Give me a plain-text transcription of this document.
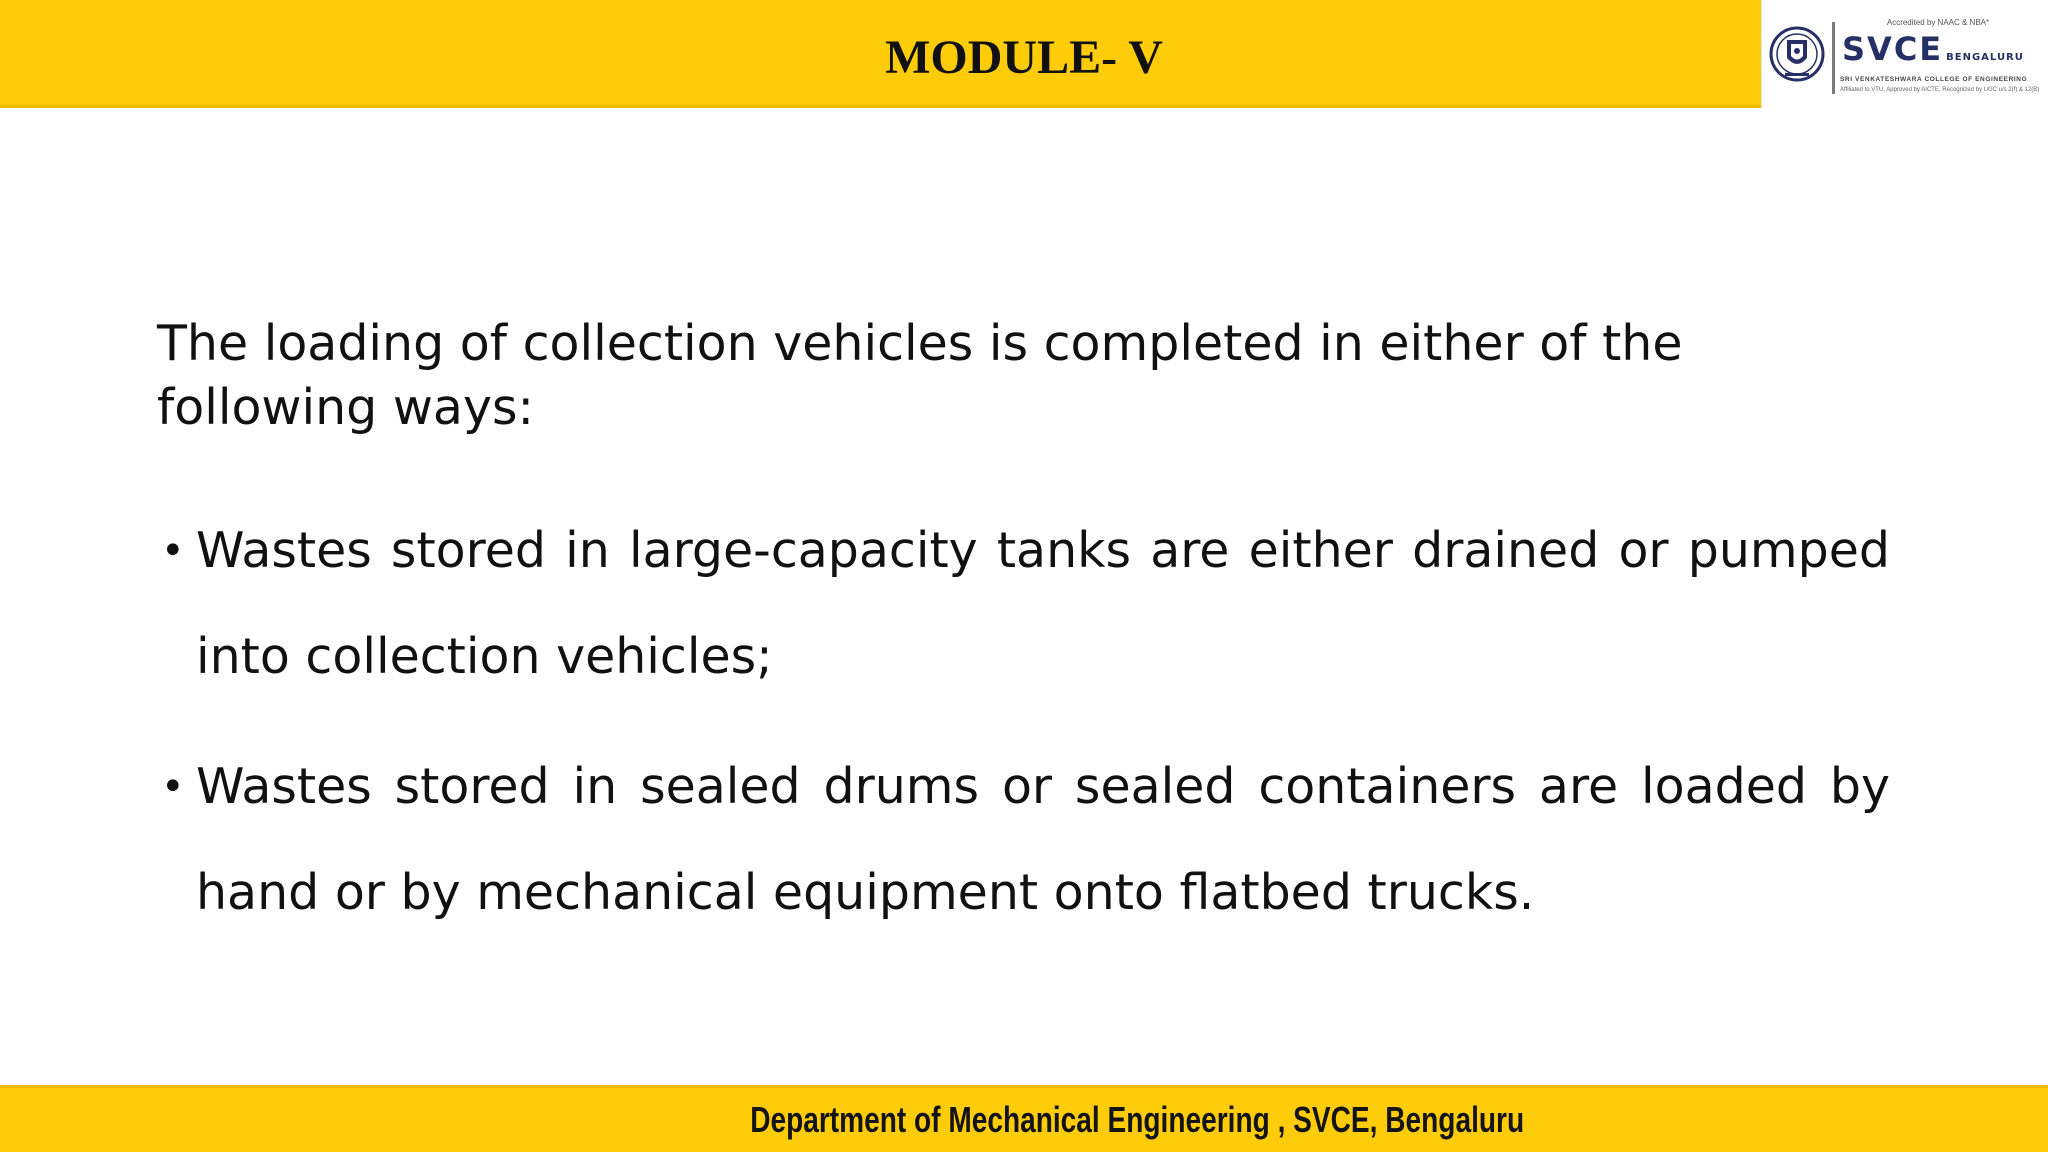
MODULE- V
Accredited by NAAC & NBA*
SVCE BENGALURU
SRI VENKATESHWARA COLLEGE OF ENGINEERING
Affiliated to VTU, Approved by AICTE, Recognized by UGC u/s 2(f) & 12(B)

The loading of collection vehicles is completed in either of the following ways:

• Wastes stored in large-capacity tanks are either drained or pumped into collection vehicles;
• Wastes stored in sealed drums or sealed containers are loaded by hand or by mechanical equipment onto flatbed trucks.
Department of Mechanical Engineering , SVCE, Bengaluru
